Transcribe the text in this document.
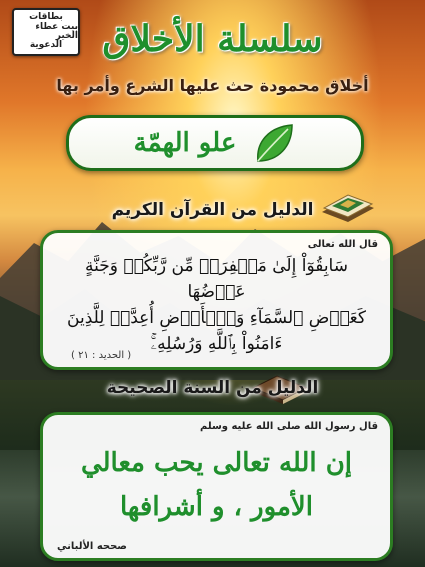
بطاقات
بيت عطاء الخير
الدعوية	سلسلة الأخلاق
أخلاق محمودة حث عليها الشرع وأمر بها
علو الهمّة
الدليل من القرآن الكريم
قال الله تعالى
سَابِقُوٓاْ إِلَىٰ مَغۡفِرَةٖ مِّن رَّبِّكُمۡ وَجَنَّةٍ عَرۡضُهَا
كَعَرۡضِ ٱلسَّمَآءِ وَٱلۡأَرۡضِ أُعِدَّتۡ لِلَّذِينَ
ءَامَنُواْ بِٱللَّهِ وَرُسُلِهِۦۚ
( الحديد : ٢١ )
الدليل من السنة الصحيحة
قال رسول الله صلى الله عليه وسلم
إن الله تعالى يحب معالي
الأمور ، و أشرافها
صححه الألباني
